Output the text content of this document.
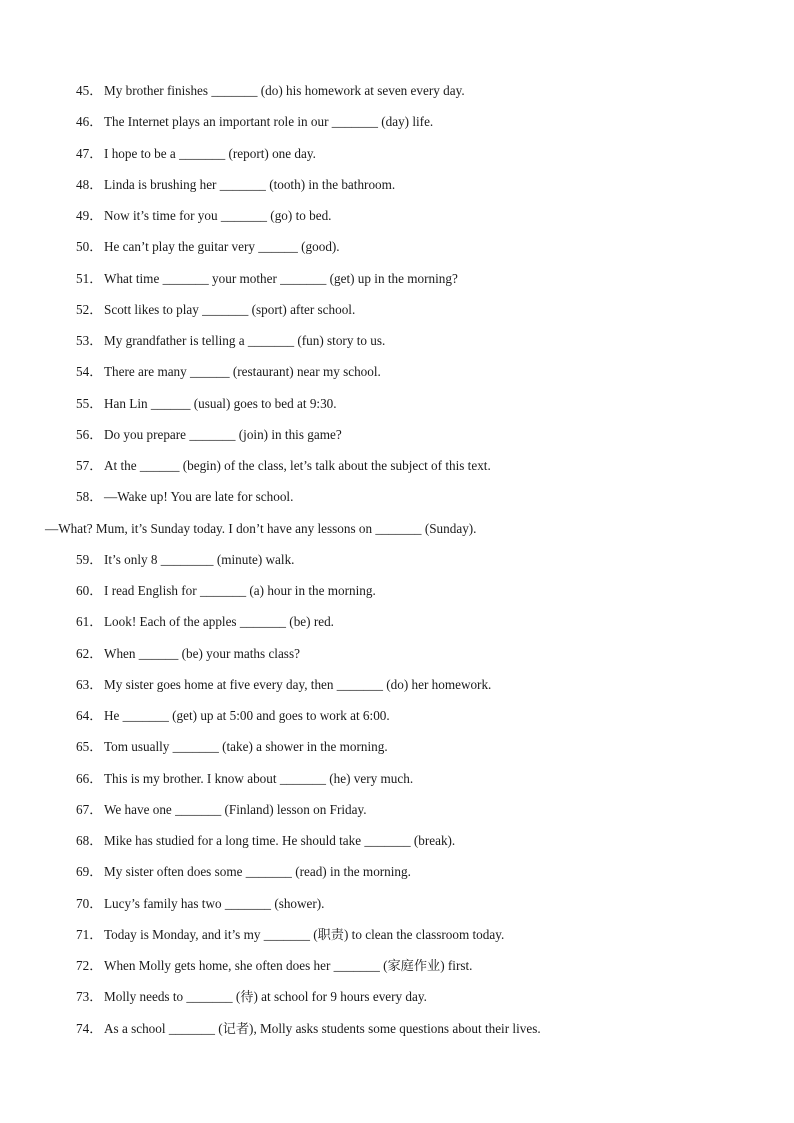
45． My brother finishes _______ (do) his homework at seven every day.
46． The Internet plays an important role in our _______ (day) life.
47． I hope to be a _______ (report) one day.
48． Linda is brushing her _______ (tooth) in the bathroom.
49． Now it’s time for you _______ (go) to bed.
50． He can’t play the guitar very ______ (good).
51． What time _______ your mother _______ (get) up in the morning?
52． Scott likes to play _______ (sport) after school.
53． My grandfather is telling a _______ (fun) story to us.
54． There are many ______ (restaurant) near my school.
55． Han Lin ______ (usual) goes to bed at 9:30.
56． Do you prepare _______ (join) in this game?
57． At the ______ (begin) of the class, let’s talk about the subject of this text.
58． —Wake up! You are late for school.
—What? Mum, it’s Sunday today. I don’t have any lessons on _______ (Sunday).
59． It’s only 8 ________ (minute) walk.
60． I read English for _______ (a) hour in the morning.
61． Look! Each of the apples _______ (be) red.
62． When ______ (be) your maths class?
63． My sister goes home at five every day, then _______ (do) her homework.
64． He _______ (get) up at 5:00 and goes to work at 6:00.
65． Tom usually _______ (take) a shower in the morning.
66． This is my brother. I know about _______ (he) very much.
67． We have one _______ (Finland) lesson on Friday.
68． Mike has studied for a long time. He should take _______ (break).
69． My sister often does some _______ (read) in the morning.
70． Lucy’s family has two _______ (shower).
71． Today is Monday, and it’s my _______ (职责) to clean the classroom today.
72． When Molly gets home, she often does her _______ (家庭作业) first.
73． Molly needs to _______ (待) at school for 9 hours every day.
74． As a school _______ (记者), Molly asks students some questions about their lives.
